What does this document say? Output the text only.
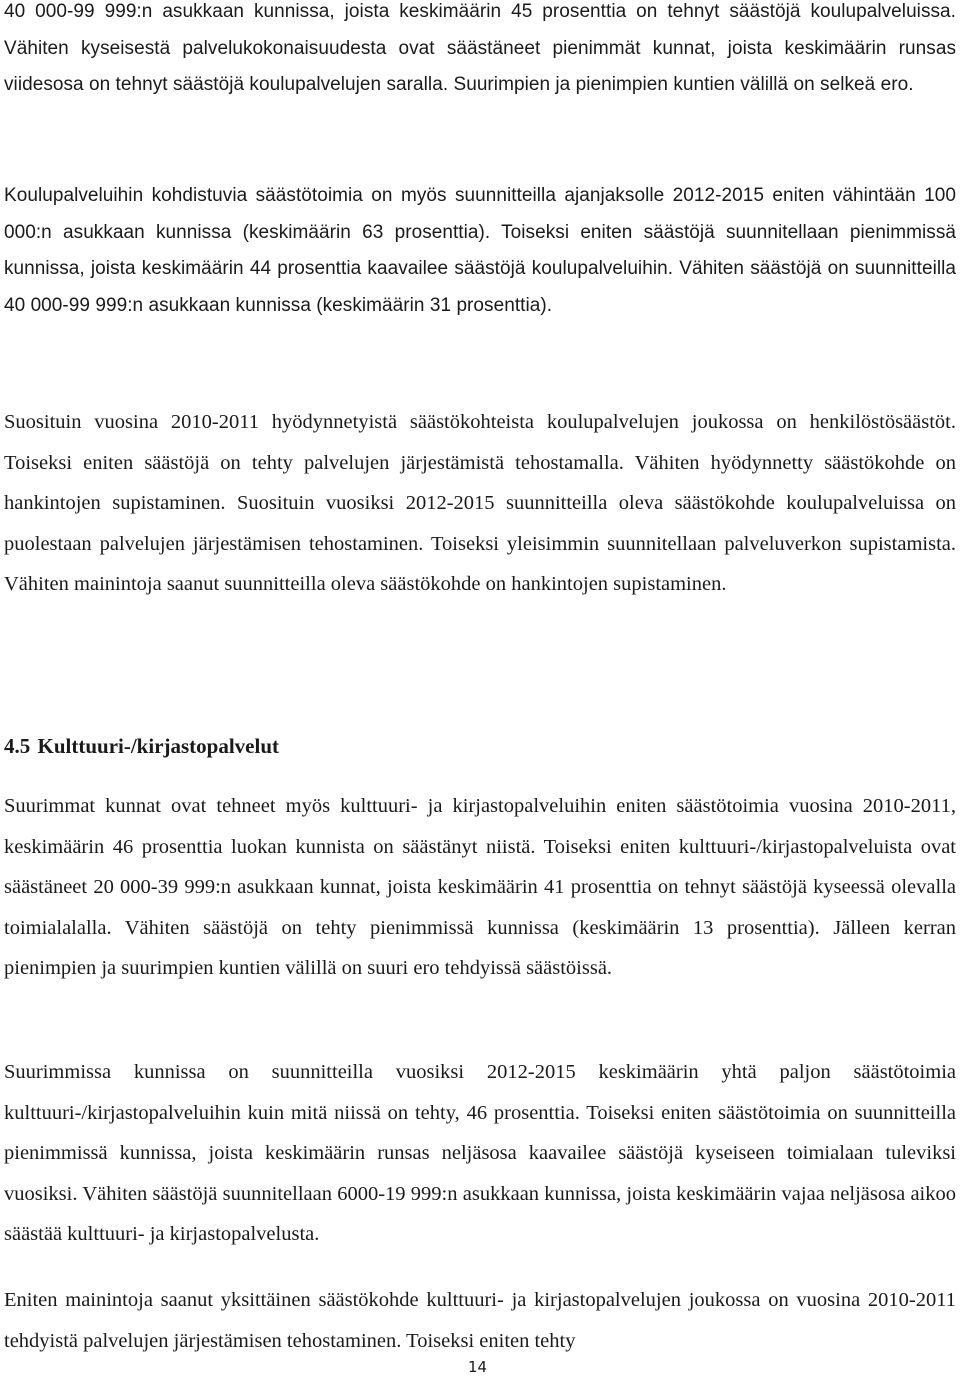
40 000-99 999:n asukkaan kunnissa, joista keskimäärin 45 prosenttia on tehnyt säästöjä koulupalveluissa. Vähiten kyseisestä palvelukokonaisuudesta ovat säästäneet pienimmät kunnat, joista keskimäärin runsas viidesosa on tehnyt säästöjä koulupalvelujen saralla. Suurimpien ja pienimpien kuntien välillä on selkeä ero.

Koulupalveluihin kohdistuvia säästötoimia on myös suunnitteilla ajanjaksolle 2012-2015 eniten vähintään 100 000:n asukkaan kunnissa (keskimäärin 63 prosenttia). Toiseksi eniten säästöjä suunnitellaan pienimmissä kunnissa, joista keskimäärin 44 prosenttia kaavailee säästöjä koulupalveluihin. Vähiten säästöjä on suunnitteilla 40 000-99 999:n asukkaan kunnissa (keskimäärin 31 prosenttia).

Suosituin vuosina 2010-2011 hyödynnetyistä säästökohteista koulupalvelujen joukossa on henkilöstösäästöt. Toiseksi eniten säästöjä on tehty palvelujen järjestämistä tehostamalla. Vähiten hyödynnetty säästökohde on hankintojen supistaminen. Suosituin vuosiksi 2012-2015 suunnitteilla oleva säästökohde koulupalveluissa on puolestaan palvelujen järjestämisen tehostaminen. Toiseksi yleisimmin suunnitellaan palveluverkon supistamista. Vähiten mainintoja saanut suunnitteilla oleva säästökohde on hankintojen supistaminen.

4.5 Kulttuuri-/kirjastopalvelut

Suurimmat kunnat ovat tehneet myös kulttuuri- ja kirjastopalveluihin eniten säästötoimia vuosina 2010-2011, keskimäärin 46 prosenttia luokan kunnista on säästänyt niistä. Toiseksi eniten kulttuuri-/kirjastopalveluista ovat säästäneet 20 000-39 999:n asukkaan kunnat, joista keskimäärin 41 prosenttia on tehnyt säästöjä kyseessä olevalla toimialalalla. Vähiten säästöjä on tehty pienimmissä kunnissa (keskimäärin 13 prosenttia). Jälleen kerran pienimpien ja suurimpien kuntien välillä on suuri ero tehdyissä säästöissä.

Suurimmissa kunnissa on suunnitteilla vuosiksi 2012-2015 keskimäärin yhtä paljon säästötoimia kulttuuri-/kirjastopalveluihin kuin mitä niissä on tehty, 46 prosenttia. Toiseksi eniten säästötoimia on suunnitteilla pienimmissä kunnissa, joista keskimäärin runsas neljäsosa kaavailee säästöjä kyseiseen toimialaan tuleviksi vuosiksi. Vähiten säästöjä suunnitellaan 6000-19 999:n asukkaan kunnissa, joista keskimäärin vajaa neljäsosa aikoo säästää kulttuuri- ja kirjastopalvelusta.

Eniten mainintoja saanut yksittäinen säästökohde kulttuuri- ja kirjastopalvelujen joukossa on vuosina 2010-2011 tehdyistä palvelujen järjestämisen tehostaminen. Toiseksi eniten tehty

14
